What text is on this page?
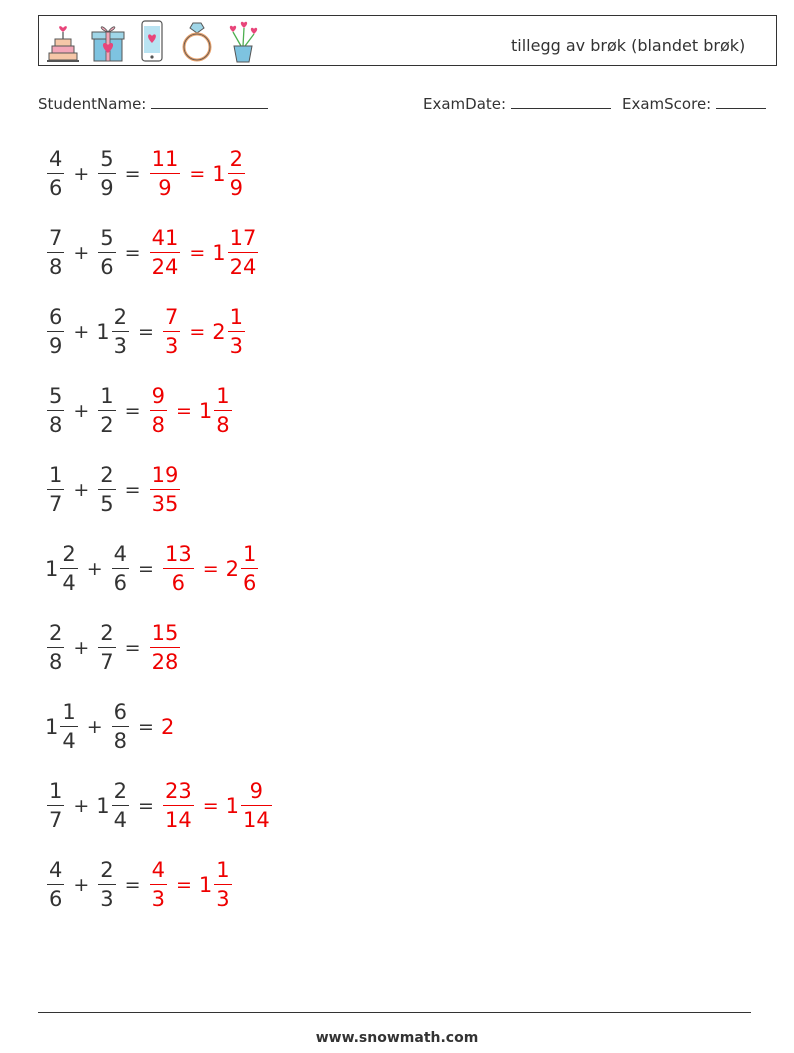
tillegg av brøk (blandet brøk)
StudentName:	ExamDate:	ExamScore:
$\frac{4}{6} + \frac{5}{9} = \frac{11}{9} = 1 \frac{2}{9}$
$\frac{7}{8} + \frac{5}{6} = \frac{41}{24} = 1 \frac{17}{24}$
$\frac{6}{9} + 1 \frac{2}{3} = \frac{7}{3} = 2 \frac{1}{3}$
$\frac{5}{8} + \frac{1}{2} = \frac{9}{8} = 1 \frac{1}{8}$
$\frac{1}{7} + \frac{2}{5} = \frac{19}{35}$
$1 \frac{2}{4} + \frac{4}{6} = \frac{13}{6} = 2 \frac{1}{6}$
$\frac{2}{8} + \frac{2}{7} = \frac{15}{28}$
$1 \frac{1}{4} + \frac{6}{8} = 2$
$\frac{1}{7} + 1 \frac{2}{4} = \frac{23}{14} = 1 \frac{9}{14}$
$\frac{4}{6} + \frac{2}{3} = \frac{4}{3} = 1 \frac{1}{3}$
www.snowmath.com
